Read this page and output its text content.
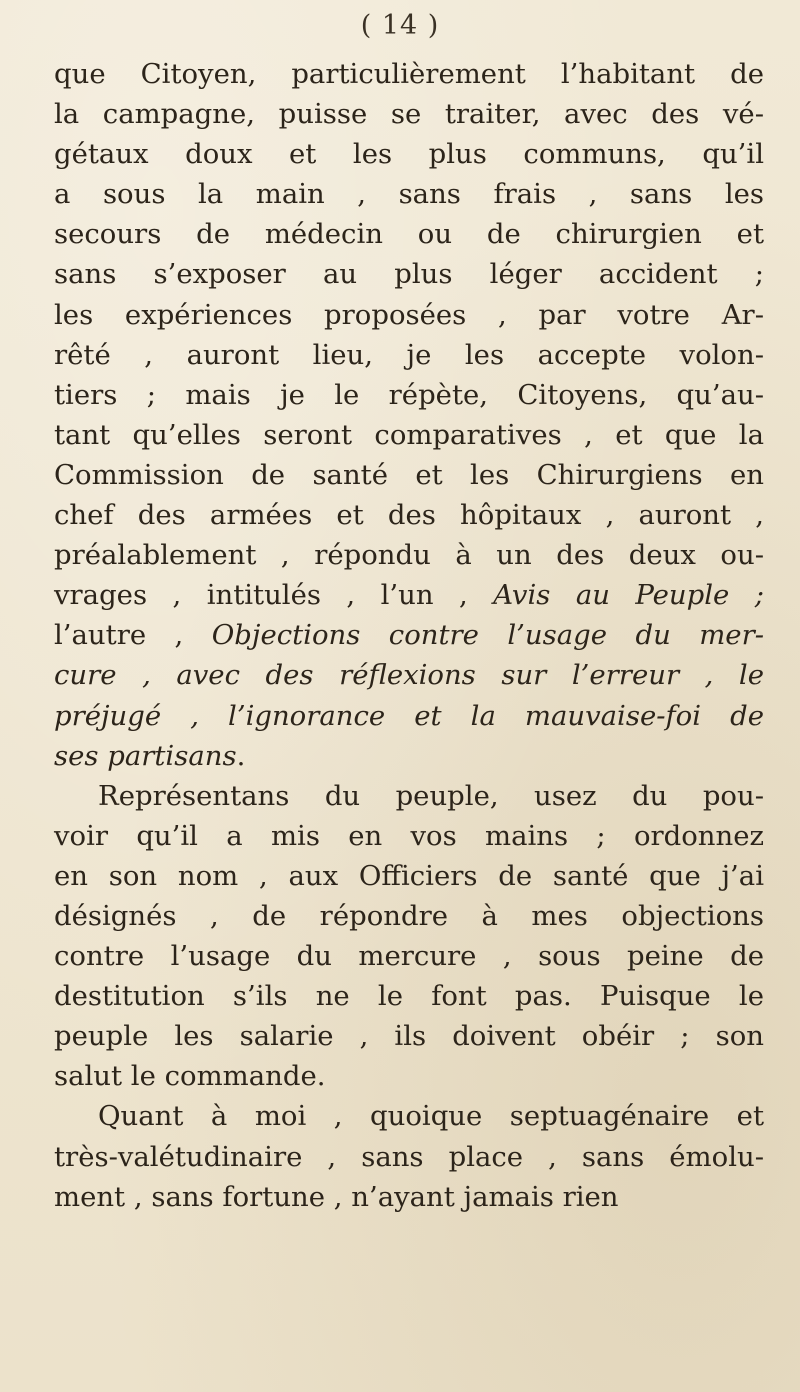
( 14 )
que Citoyen, particulièrement l’habitant de
la campagne, puisse se traiter, avec des vé-
gétaux doux et les plus communs, qu’il
a sous la main , sans frais , sans les
secours de médecin ou de chirurgien et
sans s’exposer au plus léger accident ;
les expériences proposées , par votre Ar-
rêté , auront lieu, je les accepte volon-
tiers ; mais je le répète, Citoyens, qu’au-
tant qu’elles seront comparatives , et que la
Commission de santé et les Chirurgiens en
chef des armées et des hôpitaux , auront ,
préalablement , répondu à un des deux ou-
vrages , intitulés , l’un , Avis au Peuple ;
l’autre , Objections contre l’usage du mer-
cure , avec des réflexions sur l’erreur , le
préjugé , l’ignorance et la mauvaise-foi de
ses partisans.
Représentans du peuple, usez du pou-
voir qu’il a mis en vos mains ; ordonnez
en son nom , aux Officiers de santé que j’ai
désignés , de répondre à mes objections
contre l’usage du mercure , sous peine de
destitution s’ils ne le font pas. Puisque le
peuple les salarie , ils doivent obéir ; son
salut le commande.
Quant à moi , quoique septuagénaire et
très-valétudinaire , sans place , sans émolu-
ment , sans fortune , n’ayant jamais rien
